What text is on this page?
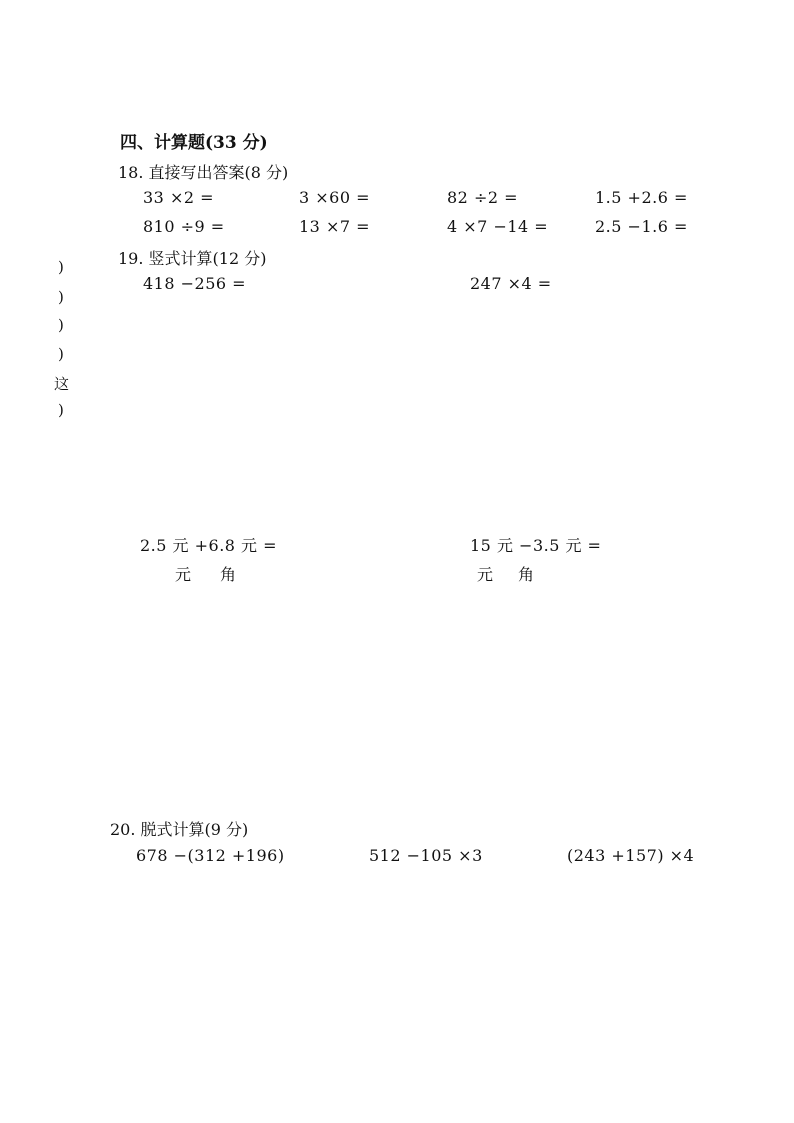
)
)
)
)
这
)
四、计算题(33 分)
18. 直接写出答案(8 分)
33 ×2 =	3 ×60 =	82 ÷2 =	1.5 +2.6 =
810 ÷9 =	13 ×7 =	4 ×7 −14 =	2.5 −1.6 =
19. 竖式计算(12 分)
418 −256 =	247 ×4 =
2.5 元 +6.8 元 =	15 元 −3.5 元 =
元 角	元 角
20. 脱式计算(9 分)
678 −(312 +196)	512 −105 ×3	(243 +157) ×4
